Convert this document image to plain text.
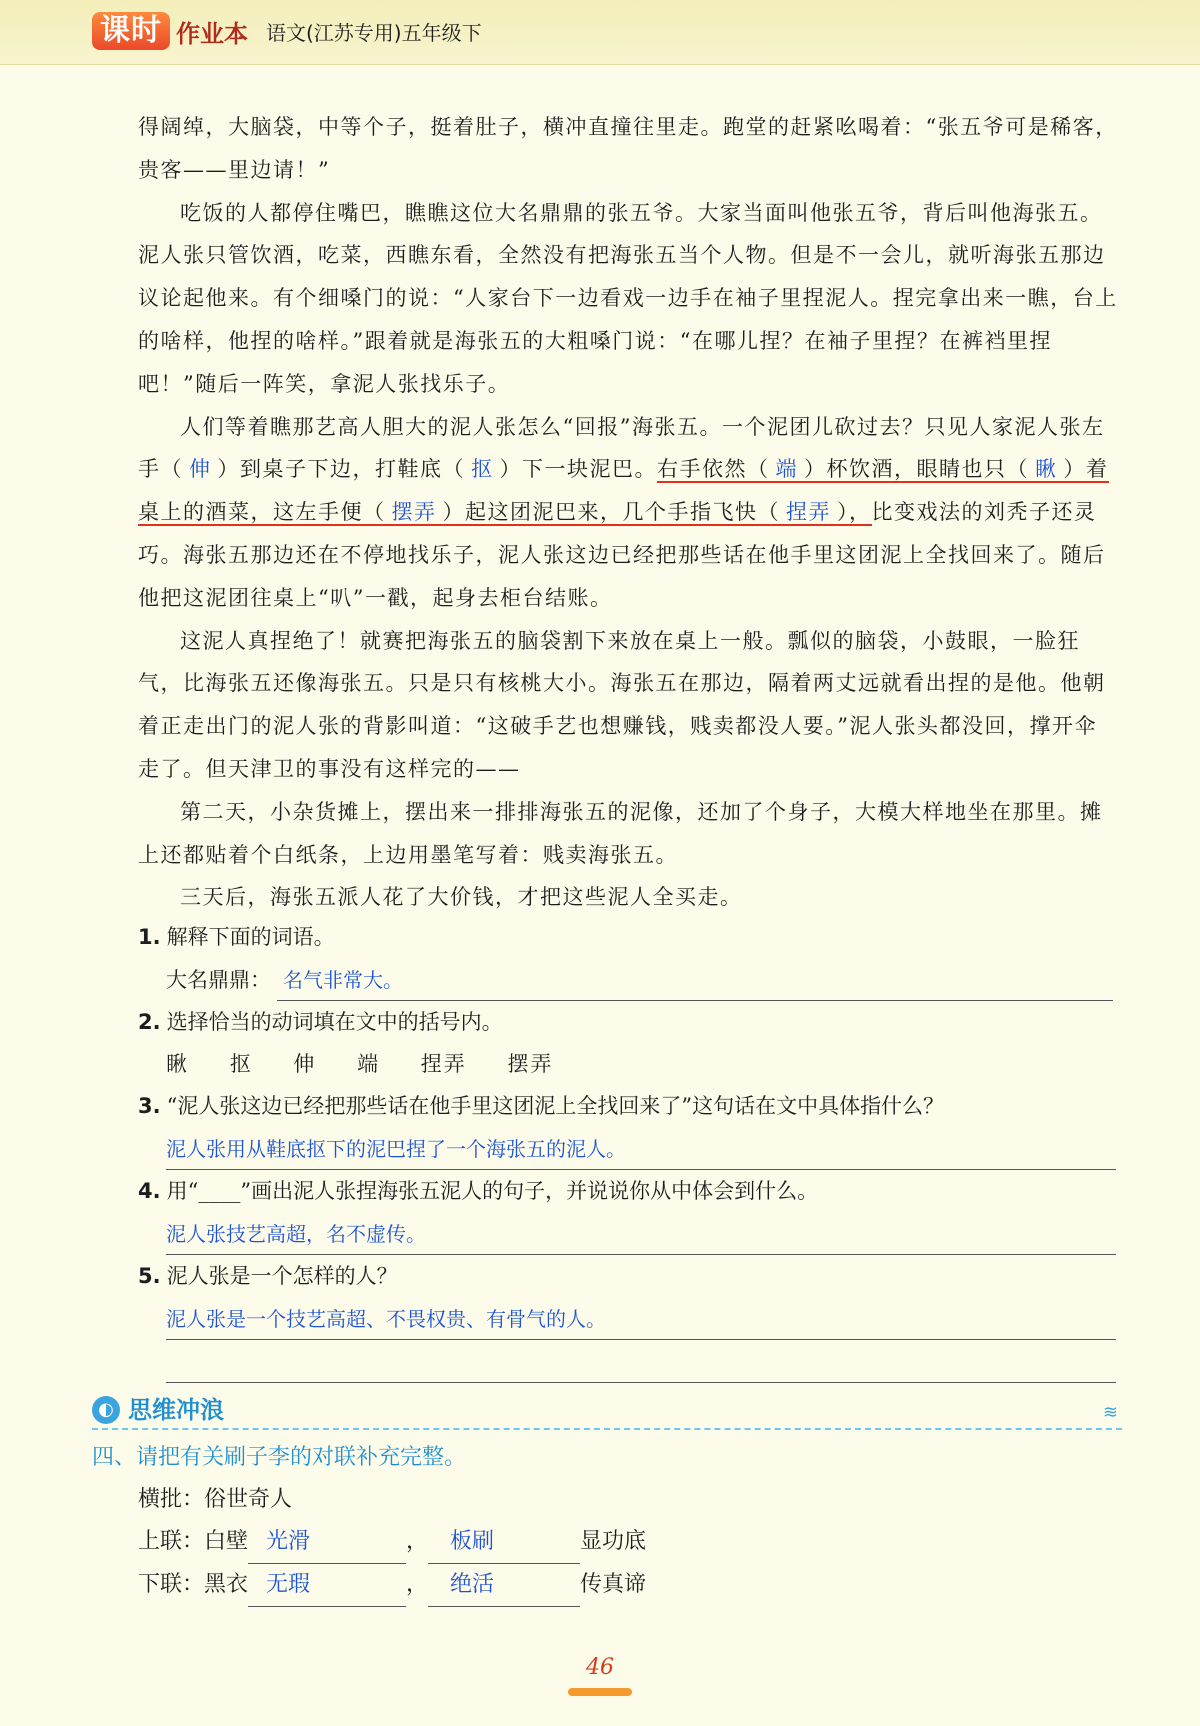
课时 作业本 语文(江苏专用)五年级下

得阔绰，大脑袋，中等个子，挺着肚子，横冲直撞往里走。跑堂的赶紧吆喝着：“张五爷可是稀客，贵客——里边请！”

吃饭的人都停住嘴巴，瞧瞧这位大名鼎鼎的张五爷。大家当面叫他张五爷，背后叫他海张五。泥人张只管饮酒，吃菜，西瞧东看，全然没有把海张五当个人物。但是不一会儿，就听海张五那边议论起他来。有个细嗓门的说：“人家台下一边看戏一边手在袖子里捏泥人。捏完拿出来一瞧，台上的啥样，他捏的啥样。”跟着就是海张五的大粗嗓门说：“在哪儿捏？在袖子里捏？在裤裆里捏吧！”随后一阵笑，拿泥人张找乐子。

人们等着瞧那艺高人胆大的泥人张怎么“回报”海张五。一个泥团儿砍过去？只见人家泥人张左手（ 伸 ）到桌子下边，打鞋底（ 抠 ）下一块泥巴。右手依然（ 端 ）杯饮酒，眼睛也只（ 瞅 ）着桌上的酒菜，这左手便（ 摆弄 ）起这团泥巴来，几个手指飞快（ 捏弄 ），比变戏法的刘秃子还灵巧。海张五那边还在不停地找乐子，泥人张这边已经把那些话在他手里这团泥上全找回来了。随后他把这泥团往桌上“叭”一戳，起身去柜台结账。

这泥人真捏绝了！就赛把海张五的脑袋割下来放在桌上一般。瓢似的脑袋，小鼓眼，一脸狂气，比海张五还像海张五。只是只有核桃大小。海张五在那边，隔着两丈远就看出捏的是他。他朝着正走出门的泥人张的背影叫道：“这破手艺也想赚钱，贱卖都没人要。”泥人张头都没回，撑开伞走了。但天津卫的事没有这样完的——

第二天，小杂货摊上，摆出来一排排海张五的泥像，还加了个身子，大模大样地坐在那里。摊上还都贴着个白纸条，上边用墨笔写着：贱卖海张五。

三天后，海张五派人花了大价钱，才把这些泥人全买走。

1. 解释下面的词语。

大名鼎鼎： 名气非常大。

2. 选择恰当的动词填在文中的括号内。

瞅 抠 伸 端 捏弄 摆弄

3. “泥人张这边已经把那些话在他手里这团泥上全找回来了”这句话在文中具体指什么？

泥人张用从鞋底抠下的泥巴捏了一个海张五的泥人。

4. 用“____”画出泥人张捏海张五泥人的句子，并说说你从中体会到什么。

泥人张技艺高超，名不虚传。

5. 泥人张是一个怎样的人？

泥人张是一个技艺高超、不畏权贵、有骨气的人。
◐ 思维冲浪	≋
四、请把有关刷子李的对联补充完整。
横批：俗世奇人
上联：白壁 光滑	， 板刷	显功底
下联：黑衣 无瑕	， 绝活	传真谛
46
